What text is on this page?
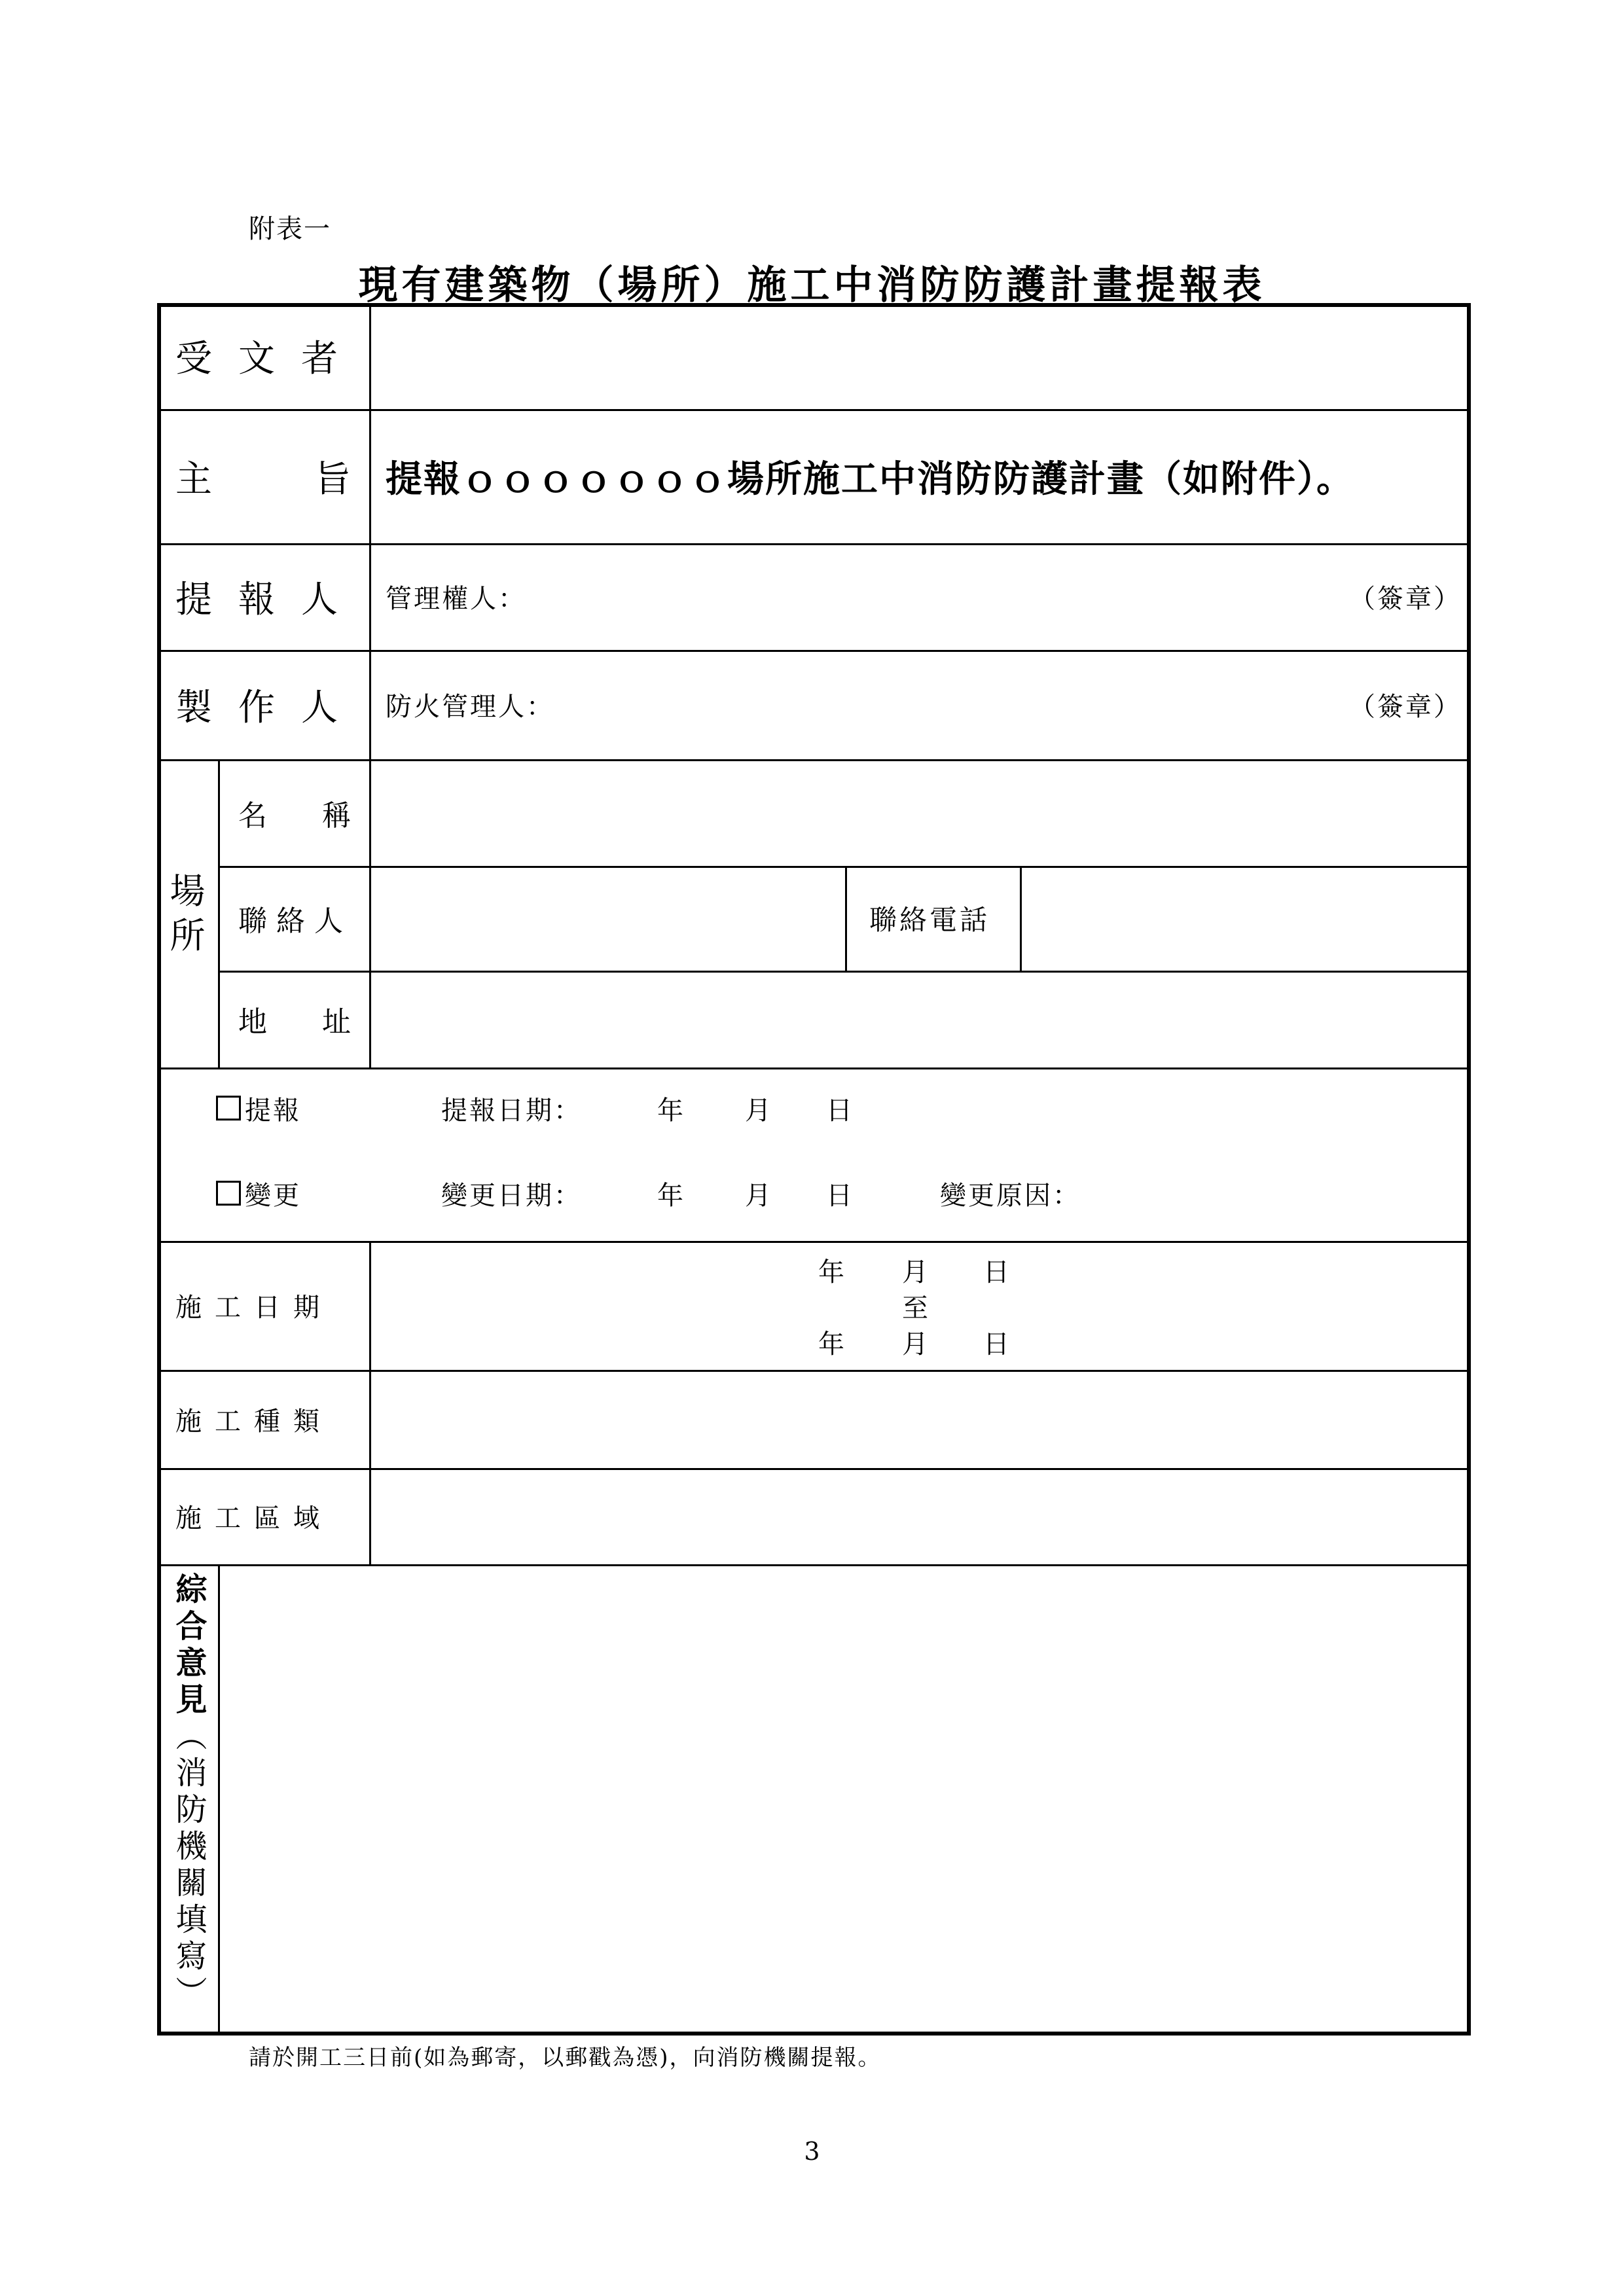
附表一
現有建築物（場所）施工中消防防護計畫提報表
受文者
主	旨 提報ｏｏｏｏｏｏｏ場所施工中消防防護計畫（如附件）。
提報人 管理權人：	（簽章）
製作人 防火管理人：	（簽章）
場
所
名 稱
聯絡人	聯絡電話
地 址
提報	提報日期：	年	月	日
變更	變更日期：	年	月	日	變更原因：
施工日期
年	月	日
至
年	月	日
施工種類
施工區域
綜合意見（消防機關填寫）
請於開工三日前(如為郵寄，以郵戳為憑)，向消防機關提報。
3
